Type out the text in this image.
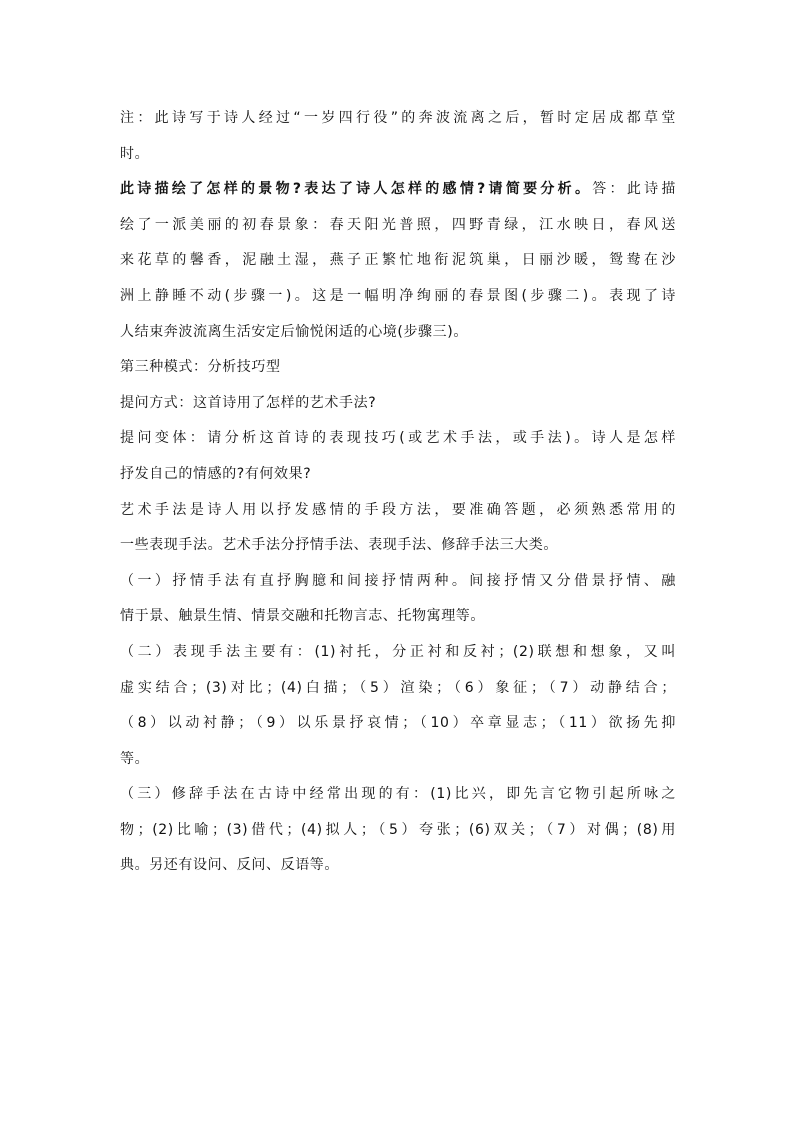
注：此诗写于诗人经过“一岁四行役”的奔波流离之后，暂时定居成都草堂
时。
此诗描绘了怎样的景物?表达了诗人怎样的感情?请简要分析。答：此诗描
绘了一派美丽的初春景象：春天阳光普照，四野青绿，江水映日，春风送
来花草的馨香，泥融土湿，燕子正繁忙地衔泥筑巢，日丽沙暖，鸳鸯在沙
洲上静睡不动(步骤一)。这是一幅明净绚丽的春景图(步骤二)。表现了诗
人结束奔波流离生活安定后愉悦闲适的心境(步骤三)。
第三种模式：分析技巧型
提问方式：这首诗用了怎样的艺术手法?
提问变体：请分析这首诗的表现技巧(或艺术手法，或手法)。诗人是怎样
抒发自己的情感的?有何效果?
艺术手法是诗人用以抒发感情的手段方法，要准确答题，必须熟悉常用的
一些表现手法。艺术手法分抒情手法、表现手法、修辞手法三大类。
（一）抒情手法有直抒胸臆和间接抒情两种。间接抒情又分借景抒情、融
情于景、触景生情、情景交融和托物言志、托物寓理等。
（二）表现手法主要有：(1)衬托，分正衬和反衬；(2)联想和想象，又叫
虚实结合；(3)对比；(4)白描；（5）渲染；（6）象征；（7）动静结合；
（8）以动衬静；（9）以乐景抒哀情；（10）卒章显志；（11）欲扬先抑
等。
（三）修辞手法在古诗中经常出现的有：(1)比兴，即先言它物引起所咏之
物；(2)比喻；(3)借代；(4)拟人；（5）夸张；(6)双关；（7）对偶；(8)用
典。另还有设问、反问、反语等。
